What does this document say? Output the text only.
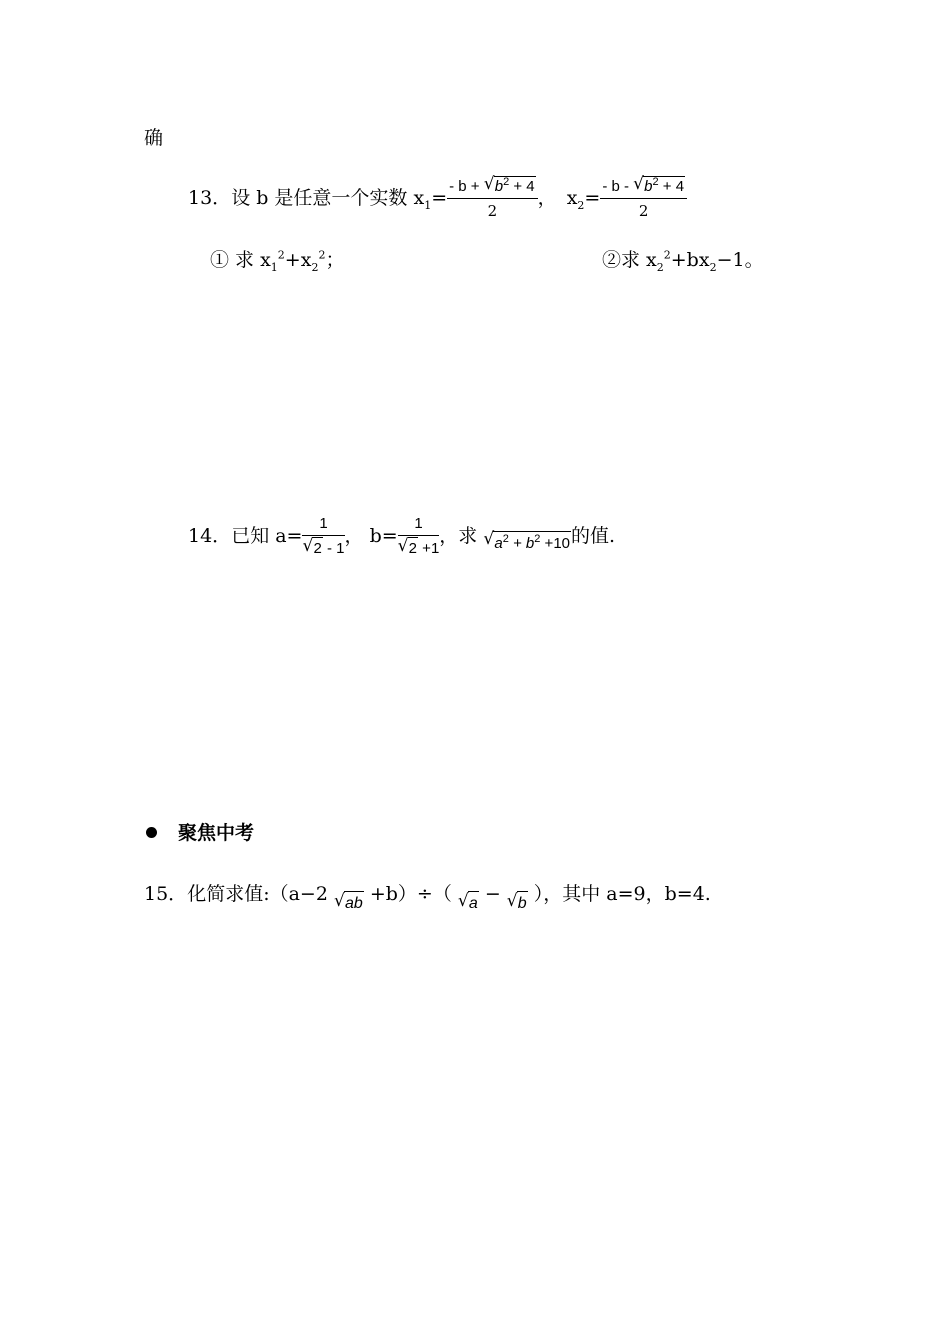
确
13．设 b 是任意一个实数 $x_1= \frac{- b + √ b^2 + 4}{2}$ ， $x_2= \frac{- b - √ b^2 + 4}{2}$
① 求 $x_1^2+x_2^2$；	②求 $x_2^2+bx_2-1$。
14．已知 $a= \frac{1}{√ 2 - 1}$ ， $b= \frac{1}{√ 2 +1}$ ，求 √ $a^2 + b^2 +10$的值.
聚焦中考
15．化简求值:（a−2 √ ab +b）÷（ √ a − √ b ），其中 a=9，b=4.
